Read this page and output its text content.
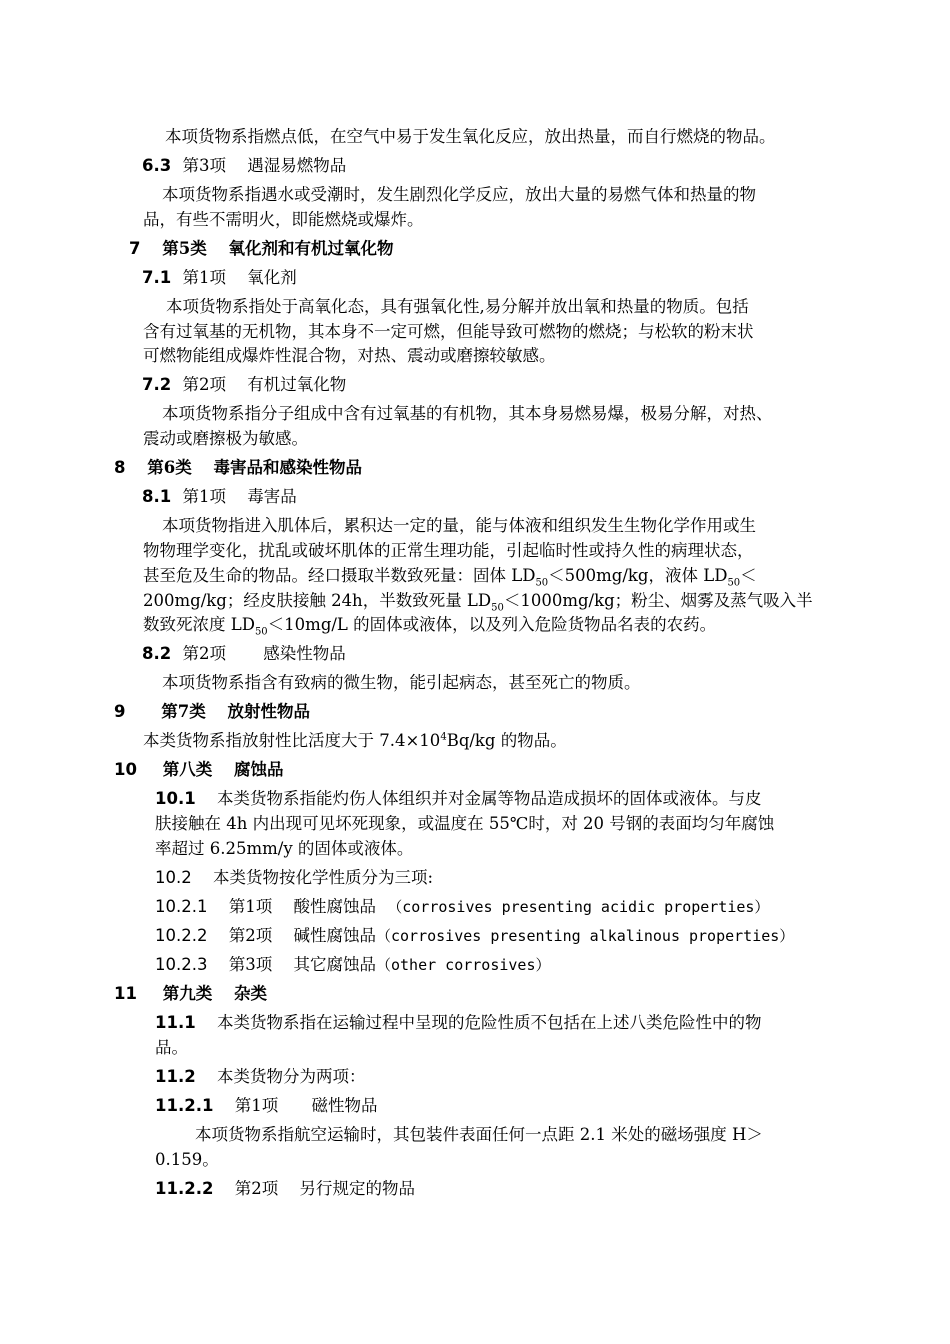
本项货物系指燃点低，在空气中易于发生氧化反应，放出热量，而自行燃烧的物品。
6.3 第3项 遇湿易燃物品
本项货物系指遇水或受潮时，发生剧烈化学反应，放出大量的易燃气体和热量的物
品，有些不需明火，即能燃烧或爆炸。
7 第5类 氧化剂和有机过氧化物
7.1 第1项 氧化剂
本项货物系指处于高氧化态，具有强氧化性,易分解并放出氧和热量的物质。包括
含有过氧基的无机物，其本身不一定可燃，但能导致可燃物的燃烧；与松软的粉末状
可燃物能组成爆炸性混合物，对热、震动或磨擦较敏感。
7.2 第2项 有机过氧化物
本项货物系指分子组成中含有过氧基的有机物，其本身易燃易爆，极易分解，对热、
震动或磨擦极为敏感。
8 第6类 毒害品和感染性物品
8.1 第1项 毒害品
本项货物指进入肌体后，累积达一定的量，能与体液和组织发生生物化学作用或生
物物理学变化，扰乱或破坏肌体的正常生理功能，引起临时性或持久性的病理状态，
甚至危及生命的物品。经口摄取半数致死量：固体 $LD_{50}<500mg/kg$，液体 $LD_{50}<$
200mg/kg；经皮肤接触 24h，半数致死量 $LD_{50}<1000mg/kg$；粉尘、烟雾及蒸气吸入半
数致死浓度 $LD_{50}<10mg/L$ 的固体或液体，以及列入危险货物品名表的农药。
8.2 第2项 感染性物品
本项货物系指含有致病的微生物，能引起病态，甚至死亡的物质。
9 第7类 放射性物品
本类货物系指放射性比活度大于 $7.4\times 10^4Bq/kg$ 的物品。
10 第八类 腐蚀品
10.1 本类货物系指能灼伤人体组织并对金属等物品造成损坏的固体或液体。与皮
肤接触在 4h 内出现可见坏死现象，或温度在 55℃时，对 20 号钢的表面均匀年腐蚀
率超过 6.25mm/y 的固体或液体。
10.2 本类货物按化学性质分为三项:
10.2.1 第1项 酸性腐蚀品 （corrosives presenting acidic properties）
10.2.2 第2项 碱性腐蚀品（corrosives presenting alkalinous properties）
10.2.3 第3项 其它腐蚀品（other corrosives）
11 第九类 杂类
11.1 本类货物系指在运输过程中呈现的危险性质不包括在上述八类危险性中的物
品。
11.2 本类货物分为两项：
11.2.1 第1项 磁性物品
本项货物系指航空运输时，其包装件表面任何一点距 2.1 米处的磁场强度 H＞
0.159。
11.2.2 第2项 另行规定的物品
